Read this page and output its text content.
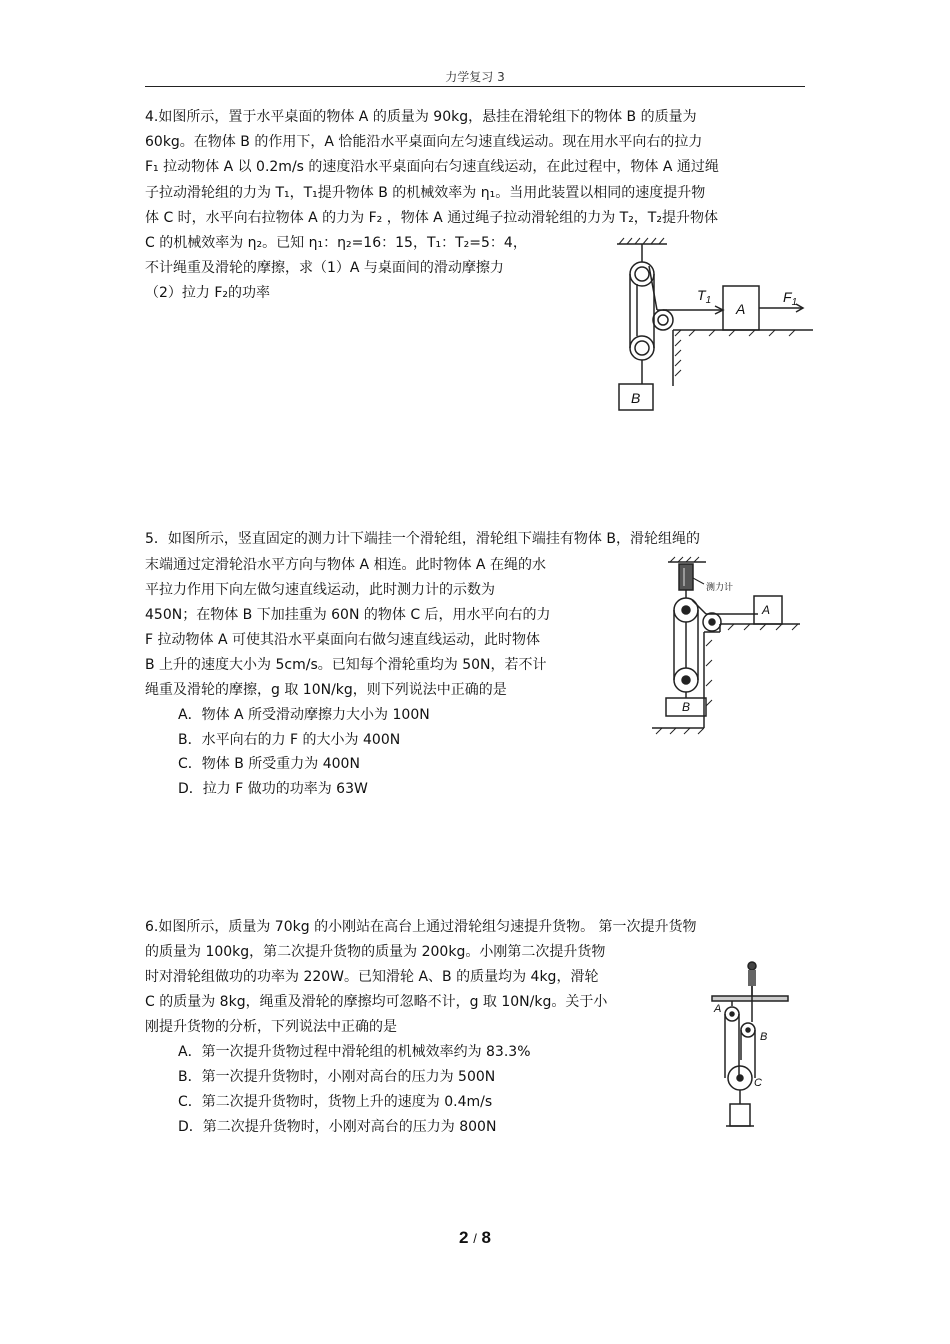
力学复习 3
4.如图所示，置于水平桌面的物体 A 的质量为 90kg，悬挂在滑轮组下的物体 B 的质量为
60kg。在物体 B 的作用下，A 恰能沿水平桌面向左匀速直线运动。现在用水平向右的拉力
F₁ 拉动物体 A 以 0.2m/s 的速度沿水平桌面向右匀速直线运动，在此过程中，物体 A 通过绳
子拉动滑轮组的力为 T₁，T₁提升物体 B 的机械效率为 η₁。当用此装置以相同的速度提升物
体 C 时，水平向右拉物体 A 的力为 F₂ ，物体 A 通过绳子拉动滑轮组的力为 T₂，T₂提升物体
C 的机械效率为 η₂。已知 η₁：η₂=16：15，T₁：T₂=5：4，
不计绳重及滑轮的摩擦，求（1）A 与桌面间的滑动摩擦力
（2）拉力 F₂的功率	$T_1$
A
$F_1$
B
5．如图所示，竖直固定的测力计下端挂一个滑轮组，滑轮组下端挂有物体 B，滑轮组绳的
末端通过定滑轮沿水平方向与物体 A 相连。此时物体 A 在绳的水
平拉力作用下向左做匀速直线运动，此时测力计的示数为
450N；在物体 B 下加挂重为 60N 的物体 C 后，用水平向右的力
F 拉动物体 A 可使其沿水平桌面向右做匀速直线运动，此时物体
B 上升的速度大小为 5cm/s。已知每个滑轮重均为 50N，若不计
绳重及滑轮的摩擦，g 取 10N/kg，则下列说法中正确的是
A．物体 A 所受滑动摩擦力大小为 100N
B．水平向右的力 F 的大小为 400N
C．物体 B 所受重力为 400N
D．拉力 F 做功的功率为 63W
测力计
A
B
6.如图所示，质量为 70kg 的小刚站在高台上通过滑轮组匀速提升货物。 第一次提升货物
的质量为 100kg，第二次提升货物的质量为 200kg。小刚第二次提升货物
时对滑轮组做功的功率为 220W。已知滑轮 A、B 的质量均为 4kg，滑轮
C 的质量为 8kg，绳重及滑轮的摩擦均可忽略不计，g 取 10N/kg。关于小
刚提升货物的分析，下列说法中正确的是
A．第一次提升货物过程中滑轮组的机械效率约为 83.3%
B．第一次提升货物时，小刚对高台的压力为 500N
C．第二次提升货物时，货物上升的速度为 0.4m/s
D．第二次提升货物时，小刚对高台的压力为 800N
A
B
C
2 / 8
